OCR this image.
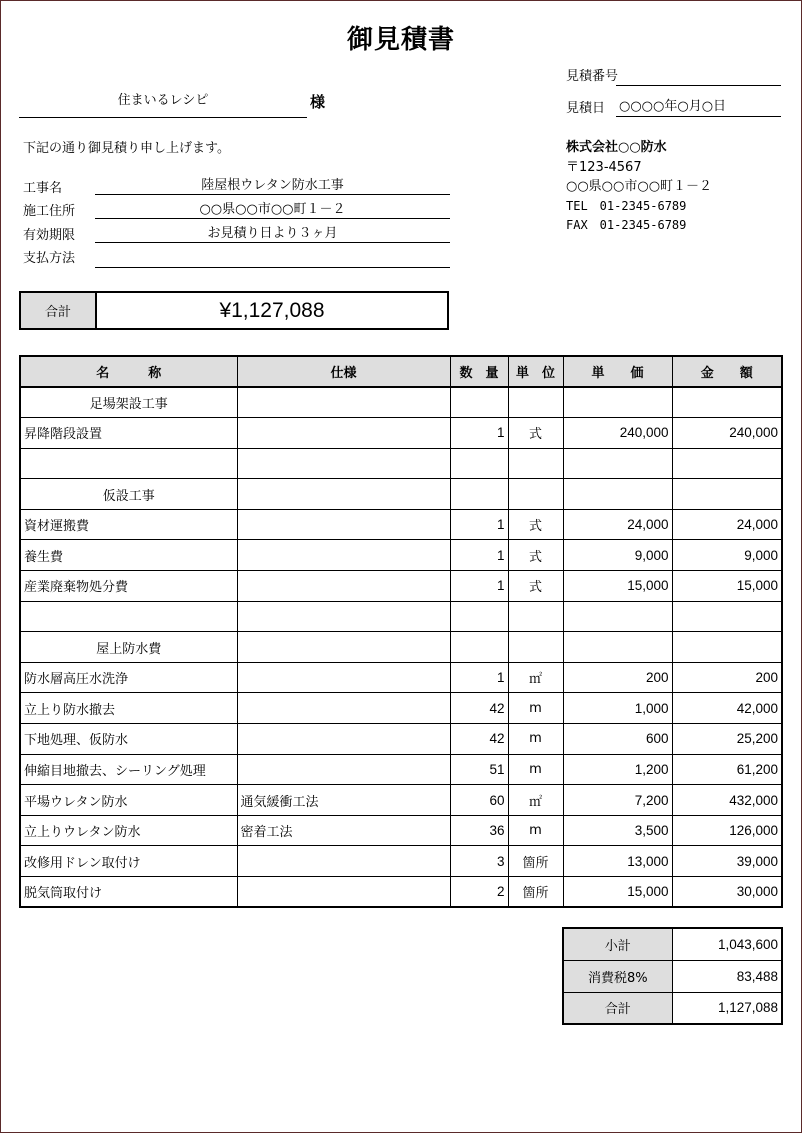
御見積書
住まいるレシピ	様
見積番号
見積日 ○○○○年○月○日
下記の通り御見積り申し上げます。
工事名	陸屋根ウレタン防水工事
施工住所	○○県○○市○○町１－２
有効期限	お見積り日より３ヶ月
支払方法
株式会社○○防水
〒123-4567
○○県○○市○○町１－２
TEL　01-2345-6789
FAX　01-2345-6789
合計	¥1,127,088
名　　　称	仕様	数　量	単　位	単　　価	金　　額
足場架設工事					
昇降階段設置		1	式	240,000	240,000

仮設工事					
資材運搬費		1	式	24,000	24,000
養生費		1	式	9,000	9,000
産業廃棄物処分費		1	式	15,000	15,000

屋上防水費					
防水層高圧水洗浄		1	㎡	200	200
立上り防水撤去		42	m	1,000	42,000
下地処理、仮防水		42	m	600	25,200
伸縮目地撤去、シーリング処理		51	m	1,200	61,200
平場ウレタン防水	通気緩衝工法	60	㎡	7,200	432,000
立上りウレタン防水	密着工法	36	m	3,500	126,000
改修用ドレン取付け		3	箇所	13,000	39,000
脱気筒取付け		2	箇所	15,000	30,000
小計	1,043,600
消費税8%	83,488
合計	1,127,088
